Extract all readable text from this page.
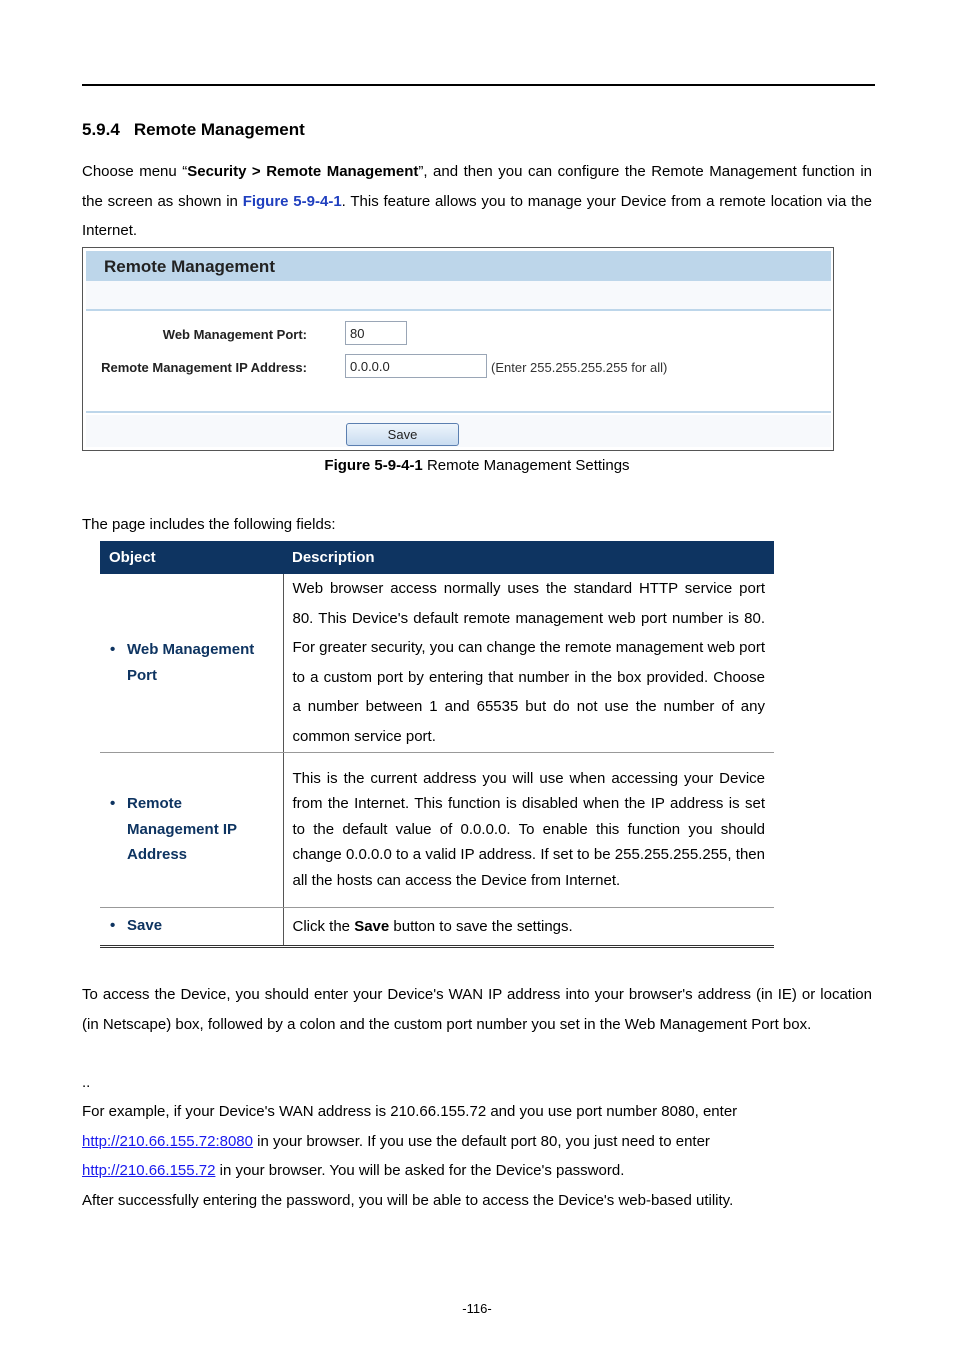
5.9.4 Remote Management

Choose menu “Security > Remote Management”, and then you can configure the Remote Management function in the screen as shown in Figure 5-9-4-1. This feature allows you to manage your Device from a remote location via the Internet.

Remote Management
Web Management Port:
80
Remote Management IP Address:
0.0.0.0	(Enter 255.255.255.255 for all)
Save

Figure 5-9-4-1 Remote Management Settings

The page includes the following fields:

Object	Description

• Web Management Port	Web browser access normally uses the standard HTTP service port 80. This Device's default remote management web port number is 80. For greater security, you can change the remote management web port to a custom port by entering that number in the box provided. Choose a number between 1 and 65535 but do not use the number of any common service port.

• Remote Management IP Address	This is the current address you will use when accessing your Device from the Internet. This function is disabled when the IP address is set to the default value of 0.0.0.0. To enable this function you should change 0.0.0.0 to a valid IP address. If set to be 255.255.255.255, then all the hosts can access the Device from Internet.

• Save	Click the Save button to save the settings.

To access the Device, you should enter your Device's WAN IP address into your browser's address (in IE) or location (in Netscape) box, followed by a colon and the custom port number you set in the Web Management Port box.

..

For example, if your Device's WAN address is 210.66.155.72 and you use port number 8080, enter
http://210.66.155.72:8080 in your browser. If you use the default port 80, you just need to enter
http://210.66.155.72 in your browser. You will be asked for the Device's password.

After successfully entering the password, you will be able to access the Device's web-based utility.

-116-
